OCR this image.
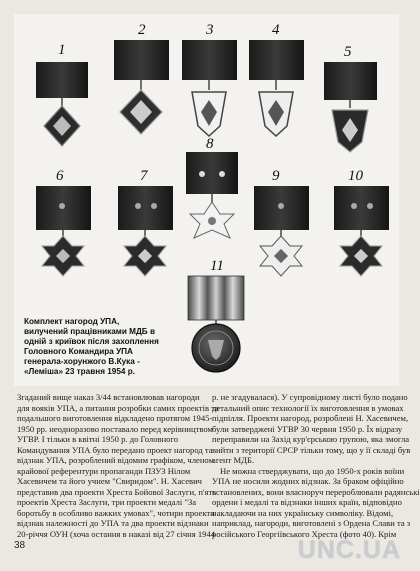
1
2	3	4
5
8
6	7	9	10
11
Комплект нагород УПА,
вилучений працівниками МДБ в
одній з криївок після захоплення
Головного Командира УПА
генерала-хорунжого В.Кука -
«Леміша» 23 травня 1954 р.
Згаданий вище наказ 3/44 встановлював нагороди
для вояків УПА, а питання розробки самих проектів та
подальшого виготовлення відкладено протягом 1945-
1950 рр. неодноразово поставало перед керівництвом
УГВР. І тільки в квітні 1950 р. до Головного
Командування УПА було передано проект нагород та
відзнак УПА, розроблений відомим графіком, членом
крайової референтури пропаганди ПЗУЗ Нілом
Хасевичем та його учнем "Свиридом". Н. Хасевич
представив два проекти Хреста Бойової Заслуги, п'ять
проектів Хреста Заслуги, три проекти медалі "За
боротьбу в особливо важких умовах", чотири проекти
відзнак належності до УПА та два проекти відзнаки
20-річчя ОУН (хоча остання в наказі від 27 січня 1944
р. не згадувалася). У супровідному листі було подано
детальний опис технології їх виготовлення в умовах
підпілля. Проекти нагород, розроблені Н. Хасевичем,
були затверджені УГВР 30 червня 1950 р. Їх відразу
переправили на Захід кур'єрською групою, яка змогла
вийти з території СРСР тільки тому, що у її складі був
агент МДБ.
Не можна стверджувати, що до 1950-х років воїни
УПА не носили жодних відзнак. За браком офіційно
встановлених, вони власноруч перероблювали радянські
ордени і медалі та відзнаки інших країн, відповідно
накладаючи на них українську символіку. Відомі,
наприклад, нагороди, виготовлені з Ордена Слави та з
російського Георгіївського Хреста (фото 40). Крім
38	UNC.UA
